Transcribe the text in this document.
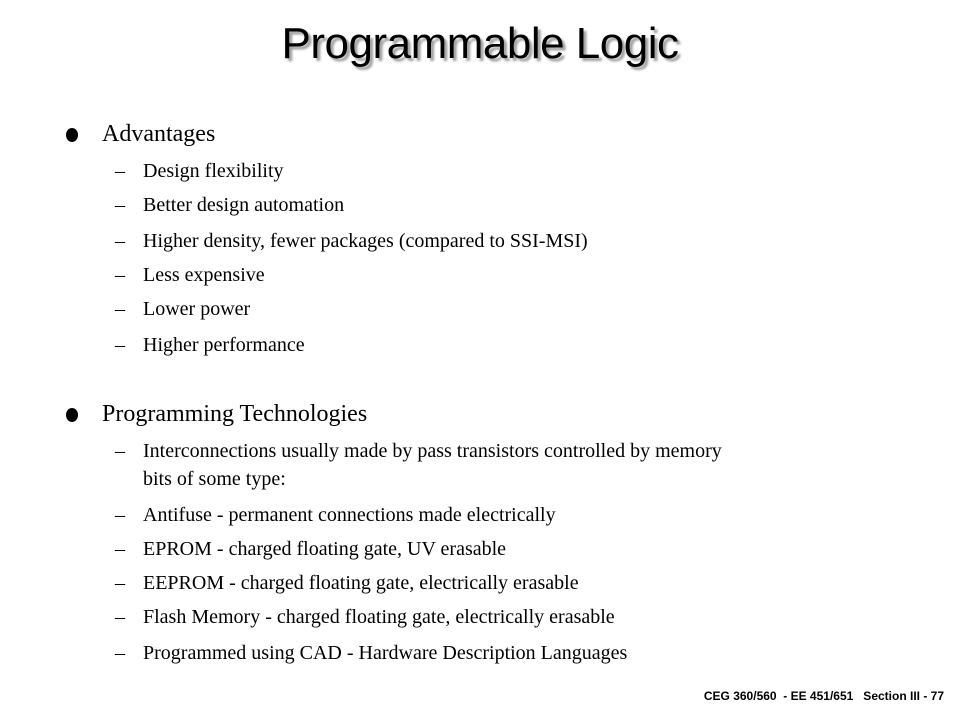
Programmable Logic
Advantages
– Design flexibility
– Better design automation
– Higher density, fewer packages (compared to SSI-MSI)
– Less expensive
– Lower power
– Higher performance
Programming Technologies
– Interconnections usually made by pass transistors controlled by memory
bits of some type:
– Antifuse - permanent connections made electrically
– EPROM - charged floating gate, UV erasable
– EEPROM - charged floating gate, electrically erasable
– Flash Memory - charged floating gate, electrically erasable
– Programmed using CAD - Hardware Description Languages
CEG 360/560  - EE 451/651   Section III - 77
